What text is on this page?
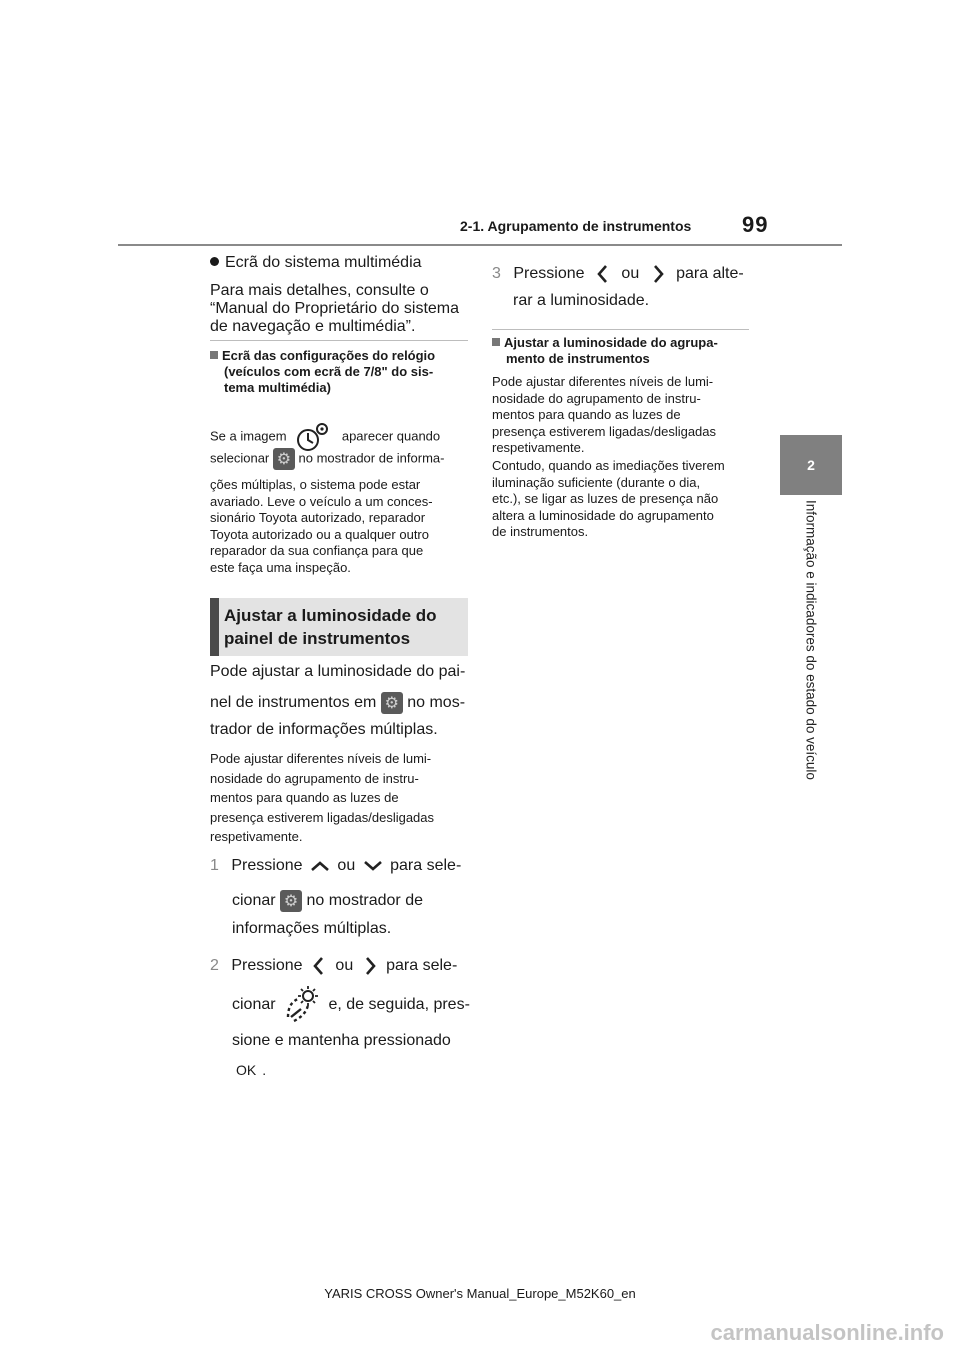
2-1. Agrupamento de instrumentos 99
2
Informação e indicadores do estado do veículo
Ecrã do sistema multimédia
Para mais detalhes, consulte o
“Manual do Proprietário do sistema
de navegação e multimédia”.
Ecrã das configurações do relógio
(veículos com ecrã de 7/8" do sis-
tema multimédia)
Se a imagem	aparecer quando
selecionar ⚙ no mostrador de informa-
ções múltiplas, o sistema pode estar
avariado. Leve o veículo a um conces-
sionário Toyota autorizado, reparador
Toyota autorizado ou a qualquer outro
reparador da sua confiança para que
este faça uma inspeção.
Ajustar a luminosidade do
painel de instrumentos
Pode ajustar a luminosidade do pai-
nel de instrumentos em ⚙ no mos-
trador de informações múltiplas.
Pode ajustar diferentes níveis de lumi-
nosidade do agrupamento de instru-
mentos para quando as luzes de
presença estiverem ligadas/desligadas
respetivamente.
1 Pressione ou para sele-
cionar ⚙ no mostrador de
informações múltiplas.
2 Pressione ou para sele-
cionar	e, de seguida, pres-
sione e mantenha pressionado
OK .
3 Pressione ou para alte-
rar a luminosidade.
Ajustar a luminosidade do agrupa-
mento de instrumentos
Pode ajustar diferentes níveis de lumi-
nosidade do agrupamento de instru-
mentos para quando as luzes de
presença estiverem ligadas/desligadas
respetivamente.
Contudo, quando as imediações tiverem
iluminação suficiente (durante o dia,
etc.), se ligar as luzes de presença não
altera a luminosidade do agrupamento
de instrumentos.
YARIS CROSS Owner's Manual_Europe_M52K60_en
carmanualsonline.info
